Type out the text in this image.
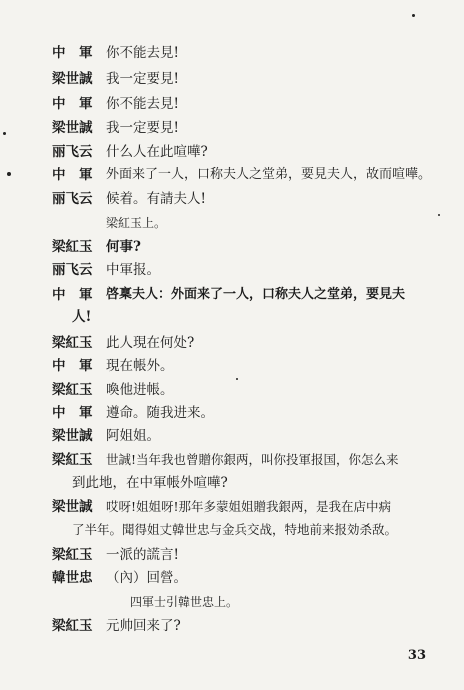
中　軍 你不能去見!
梁世誠 我一定要見!
中　軍 你不能去見!
梁世誠 我一定要見!
丽飞云 什么人在此喧嘩?
中　軍 外面来了一人，口称夫人之堂弟，要見夫人，故而喧嘩。
丽飞云 候着。有請夫人!
梁紅玉上。
梁紅玉 何事?
丽飞云 中軍报。
中　軍 啓稟夫人：外面来了一人，口称夫人之堂弟，要見夫
人!
梁紅玉 此人現在何处?
中　軍 現在帳外。
梁紅玉 喚他进帳。
中　軍 遵命。随我进来。
梁世誠 阿姐姐。
梁紅玉 世誠!当年我也曾贈你銀两，叫你投軍报国，你怎么来
到此地，在中軍帳外喧嘩?
梁世誠 哎呀!姐姐呀!那年多蒙姐姐贈我銀两，是我在店中病
了半年。聞得姐丈韓世忠与金兵交战，特地前来报効杀敌。
梁紅玉 一派的謊言!
韓世忠 （內）回營。
四軍士引韓世忠上。
梁紅玉 元帅回来了?
33
